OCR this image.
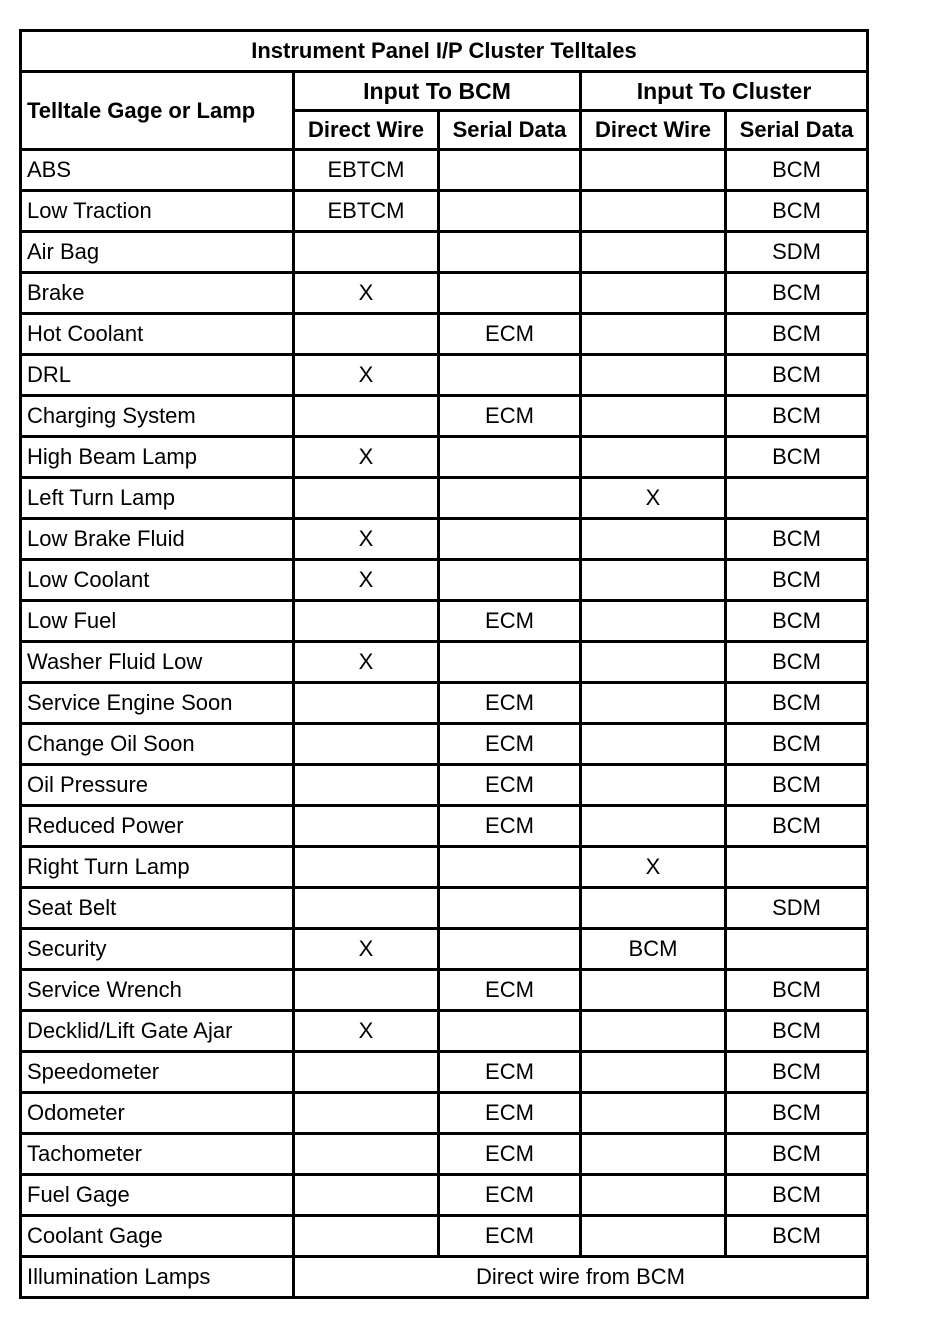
Instrument Panel I/P Cluster Telltales				
Telltale Gage or Lamp	Input To BCM		Input To Cluster	
	Direct Wire	Serial Data	Direct Wire	Serial Data
ABS	EBTCM			BCM
Low Traction	EBTCM			BCM
Air Bag				SDM
Brake	X			BCM
Hot Coolant		ECM		BCM
DRL	X			BCM
Charging System		ECM		BCM
High Beam Lamp	X			BCM
Left Turn Lamp			X	
Low Brake Fluid	X			BCM
Low Coolant	X			BCM
Low Fuel		ECM		BCM
Washer Fluid Low	X			BCM
Service Engine Soon		ECM		BCM
Change Oil Soon		ECM		BCM
Oil Pressure		ECM		BCM
Reduced Power		ECM		BCM
Right Turn Lamp			X	
Seat Belt				SDM
Security	X		BCM	
Service Wrench		ECM		BCM
Decklid/Lift Gate Ajar	X			BCM
Speedometer		ECM		BCM
Odometer		ECM		BCM
Tachometer		ECM		BCM
Fuel Gage		ECM		BCM
Coolant Gage		ECM		BCM
Illumination Lamps	Direct wire from BCM			
